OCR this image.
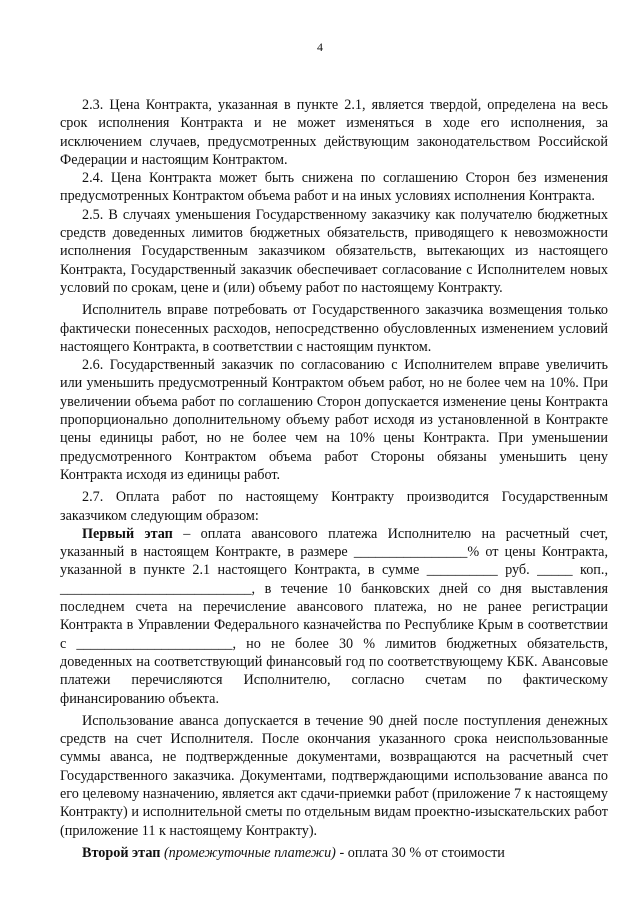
4

2.3. Цена Контракта, указанная в пункте 2.1, является твердой, определена на весь срок исполнения Контракта и не может изменяться в ходе его исполнения, за исключением случаев, предусмотренных действующим законодательством Российской Федерации и настоящим Контрактом.

2.4. Цена Контракта может быть снижена по соглашению Сторон без изменения предусмотренных Контрактом объема работ и на иных условиях исполнения Контракта.

2.5. В случаях уменьшения Государственному заказчику как получателю бюджетных средств доведенных лимитов бюджетных обязательств, приводящего к невозможности исполнения Государственным заказчиком обязательств, вытекающих из настоящего Контракта, Государственный заказчик обеспечивает согласование с Исполнителем новых условий по срокам, цене и (или) объему работ по настоящему Контракту.

Исполнитель вправе потребовать от Государственного заказчика возмещения только фактически понесенных расходов, непосредственно обусловленных изменением условий настоящего Контракта, в соответствии с настоящим пунктом.

2.6. Государственный заказчик по согласованию с Исполнителем вправе увеличить или уменьшить предусмотренный Контрактом объем работ, но не более чем на 10%. При увеличении объема работ по соглашению Сторон допускается изменение цены Контракта пропорционально дополнительному объему работ исходя из установленной в Контракте цены единицы работ, но не более чем на 10% цены Контракта. При уменьшении предусмотренного Контрактом объема работ Стороны обязаны уменьшить цену Контракта исходя из единицы работ.

2.7. Оплата работ по настоящему Контракту производится Государственным заказчиком следующим образом:

Первый этап – оплата авансового платежа Исполнителю на расчетный счет, указанный в настоящем Контракте, в размере ________________% от цены Контракта, указанной в пункте 2.1 настоящего Контракта, в сумме __________ руб. _____ коп., ___________________________, в течение 10 банковских дней со дня выставления последнем счета на перечисление авансового платежа, но не ранее регистрации Контракта в Управлении Федерального казначейства по Республике Крым в соответствии с ______________________, но не более 30 % лимитов бюджетных обязательств, доведенных на соответствующий финансовый год по соответствующему КБК. Авансовые платежи перечисляются Исполнителю, согласно счетам по фактическому финансированию объекта.

Использование аванса допускается в течение 90 дней после поступления денежных средств на счет Исполнителя. После окончания указанного срока неиспользованные суммы аванса, не подтвержденные документами, возвращаются на расчетный счет Государственного заказчика. Документами, подтверждающими использование аванса по его целевому назначению, является акт сдачи-приемки работ (приложение 7 к настоящему Контракту) и исполнительной сметы по отдельным видам проектно-изыскательских работ (приложение 11 к настоящему Контракту).

Второй этап (промежуточные платежи) - оплата 30 % от стоимости
